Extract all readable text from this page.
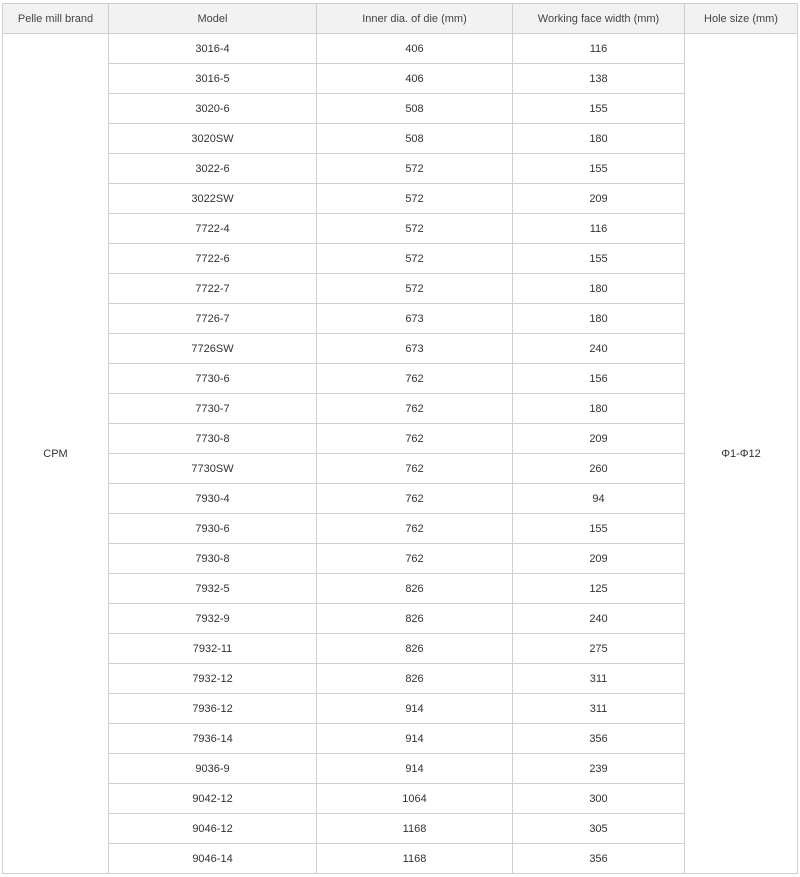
Pelle mill brand	Model	Inner dia. of die (mm)	Working face width (mm)	Hole size (mm)
CPM	3016-4	406	116	Φ1-Φ12
	3016-5	406	138	
	3020-6	508	155	
	3020SW	508	180	
	3022-6	572	155	
	3022SW	572	209	
	7722-4	572	116	
	7722-6	572	155	
	7722-7	572	180	
	7726-7	673	180	
	7726SW	673	240	
	7730-6	762	156	
	7730-7	762	180	
	7730-8	762	209	
	7730SW	762	260	
	7930-4	762	94	
	7930-6	762	155	
	7930-8	762	209	
	7932-5	826	125	
	7932-9	826	240	
	7932-11	826	275	
	7932-12	826	311	
	7936-12	914	311	
	7936-14	914	356	
	9036-9	914	239	
	9042-12	1064	300	
	9046-12	1168	305	
	9046-14	1168	356	
